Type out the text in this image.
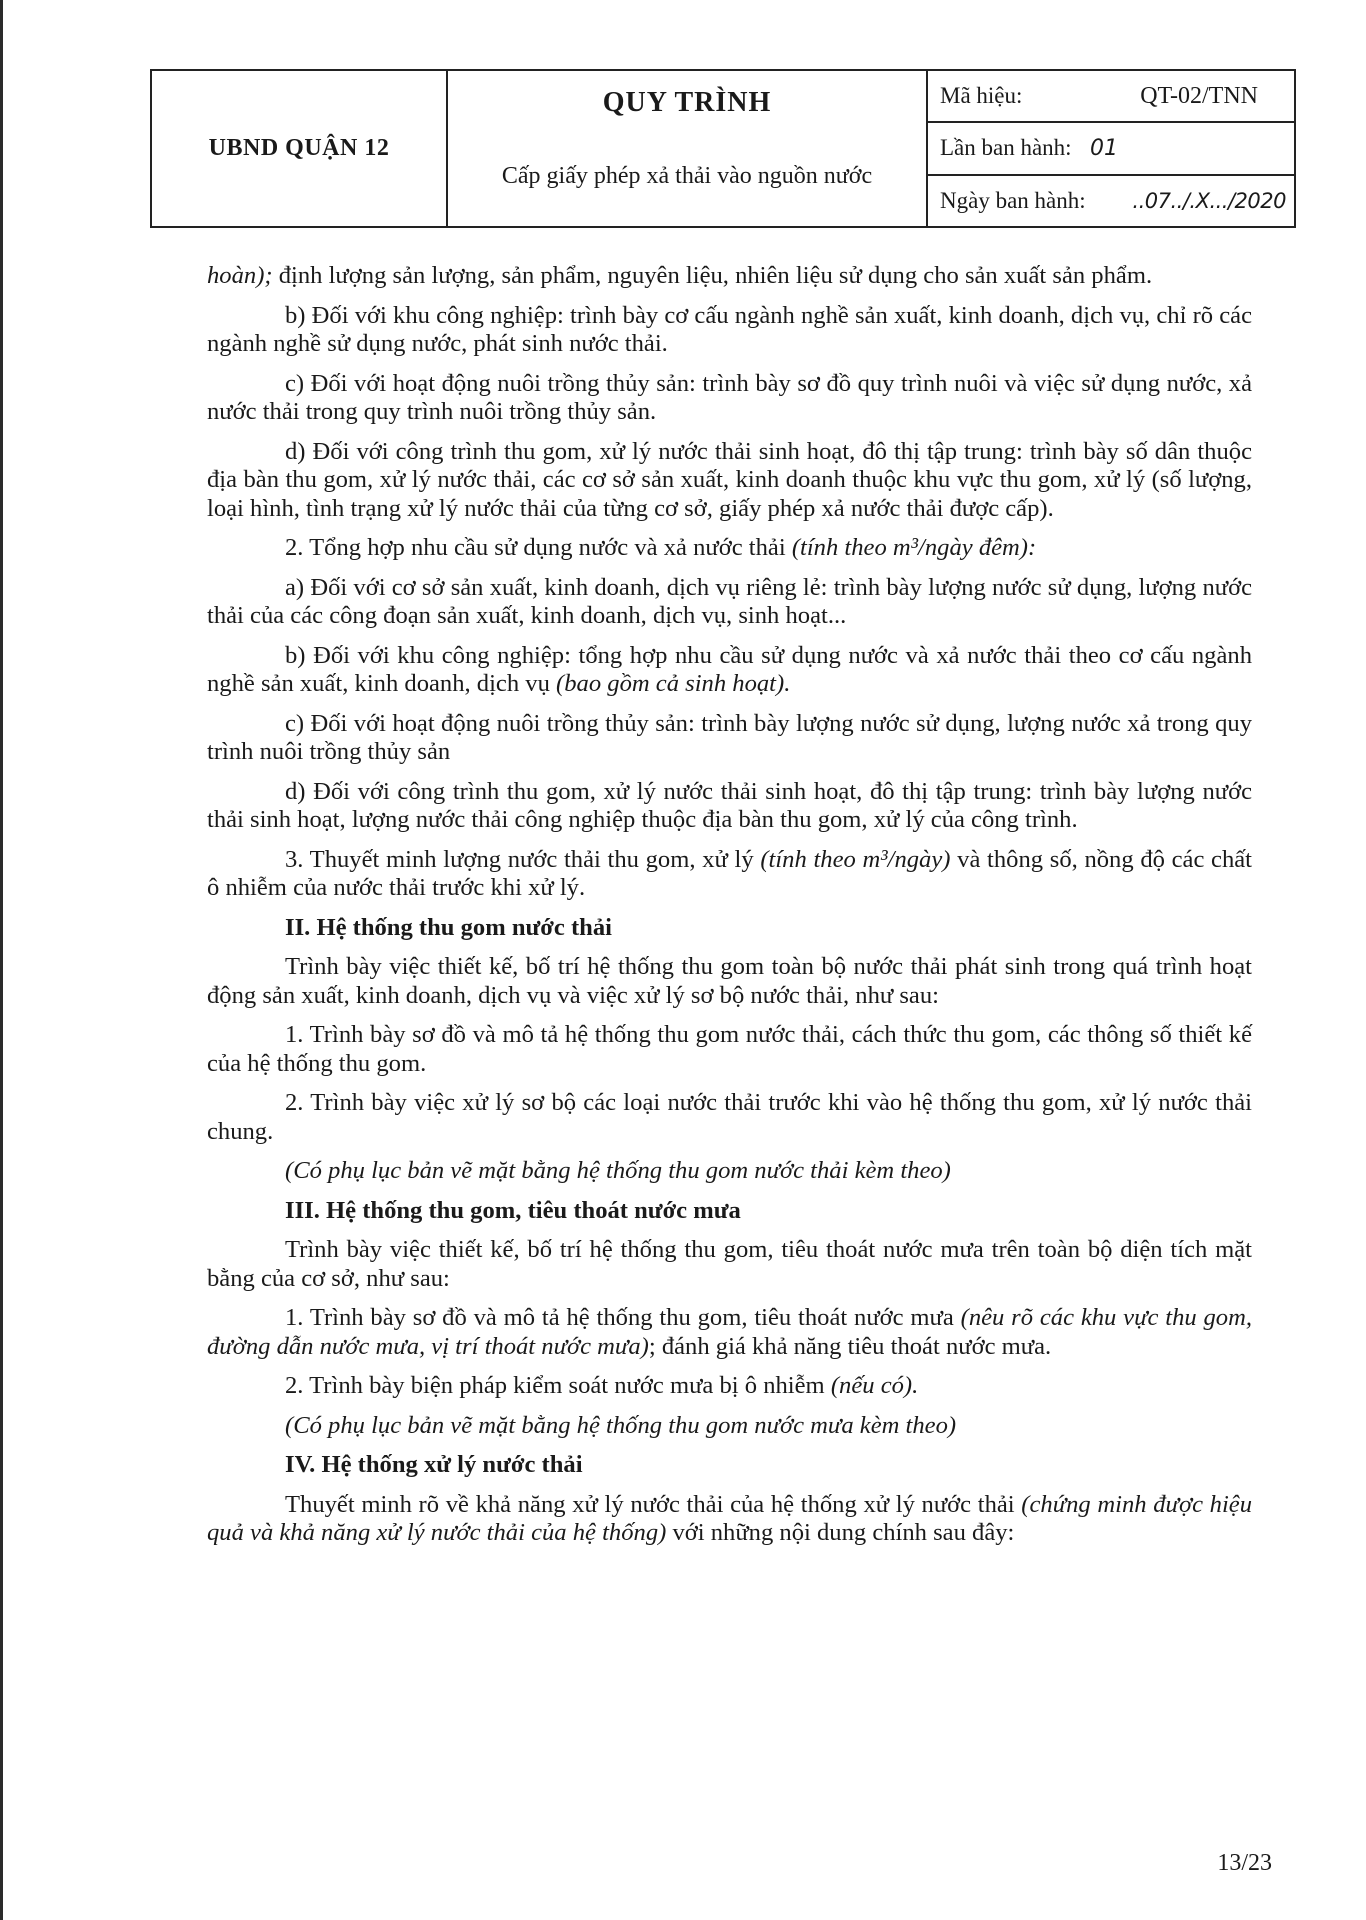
UBND QUẬN 12
QUY TRÌNH
Cấp giấy phép xả thải vào nguồn nước
Mã hiệu:	QT-02/TNN
Lần ban hành: 01
Ngày ban hành: ..07../.X.../2020

hoàn); định lượng sản lượng, sản phẩm, nguyên liệu, nhiên liệu sử dụng cho sản xuất sản phẩm.

b) Đối với khu công nghiệp: trình bày cơ cấu ngành nghề sản xuất, kinh doanh, dịch vụ, chỉ rõ các ngành nghề sử dụng nước, phát sinh nước thải.

c) Đối với hoạt động nuôi trồng thủy sản: trình bày sơ đồ quy trình nuôi và việc sử dụng nước, xả nước thải trong quy trình nuôi trồng thủy sản.

d) Đối với công trình thu gom, xử lý nước thải sinh hoạt, đô thị tập trung: trình bày số dân thuộc địa bàn thu gom, xử lý nước thải, các cơ sở sản xuất, kinh doanh thuộc khu vực thu gom, xử lý (số lượng, loại hình, tình trạng xử lý nước thải của từng cơ sở, giấy phép xả nước thải được cấp).

2. Tổng hợp nhu cầu sử dụng nước và xả nước thải (tính theo m³/ngày đêm):

a) Đối với cơ sở sản xuất, kinh doanh, dịch vụ riêng lẻ: trình bày lượng nước sử dụng, lượng nước thải của các công đoạn sản xuất, kinh doanh, dịch vụ, sinh hoạt...

b) Đối với khu công nghiệp: tổng hợp nhu cầu sử dụng nước và xả nước thải theo cơ cấu ngành nghề sản xuất, kinh doanh, dịch vụ (bao gồm cả sinh hoạt).

c) Đối với hoạt động nuôi trồng thủy sản: trình bày lượng nước sử dụng, lượng nước xả trong quy trình nuôi trồng thủy sản

d) Đối với công trình thu gom, xử lý nước thải sinh hoạt, đô thị tập trung: trình bày lượng nước thải sinh hoạt, lượng nước thải công nghiệp thuộc địa bàn thu gom, xử lý của công trình.

3. Thuyết minh lượng nước thải thu gom, xử lý (tính theo m³/ngày) và thông số, nồng độ các chất ô nhiễm của nước thải trước khi xử lý.

II. Hệ thống thu gom nước thải

Trình bày việc thiết kế, bố trí hệ thống thu gom toàn bộ nước thải phát sinh trong quá trình hoạt động sản xuất, kinh doanh, dịch vụ và việc xử lý sơ bộ nước thải, như sau:

1. Trình bày sơ đồ và mô tả hệ thống thu gom nước thải, cách thức thu gom, các thông số thiết kế của hệ thống thu gom.

2. Trình bày việc xử lý sơ bộ các loại nước thải trước khi vào hệ thống thu gom, xử lý nước thải chung.

(Có phụ lục bản vẽ mặt bằng hệ thống thu gom nước thải kèm theo)

III. Hệ thống thu gom, tiêu thoát nước mưa

Trình bày việc thiết kế, bố trí hệ thống thu gom, tiêu thoát nước mưa trên toàn bộ diện tích mặt bằng của cơ sở, như sau:

1. Trình bày sơ đồ và mô tả hệ thống thu gom, tiêu thoát nước mưa (nêu rõ các khu vực thu gom, đường dẫn nước mưa, vị trí thoát nước mưa); đánh giá khả năng tiêu thoát nước mưa.

2. Trình bày biện pháp kiểm soát nước mưa bị ô nhiễm (nếu có).

(Có phụ lục bản vẽ mặt bằng hệ thống thu gom nước mưa kèm theo)

IV. Hệ thống xử lý nước thải

Thuyết minh rõ về khả năng xử lý nước thải của hệ thống xử lý nước thải (chứng minh được hiệu quả và khả năng xử lý nước thải của hệ thống) với những nội dung chính sau đây:

13/23
